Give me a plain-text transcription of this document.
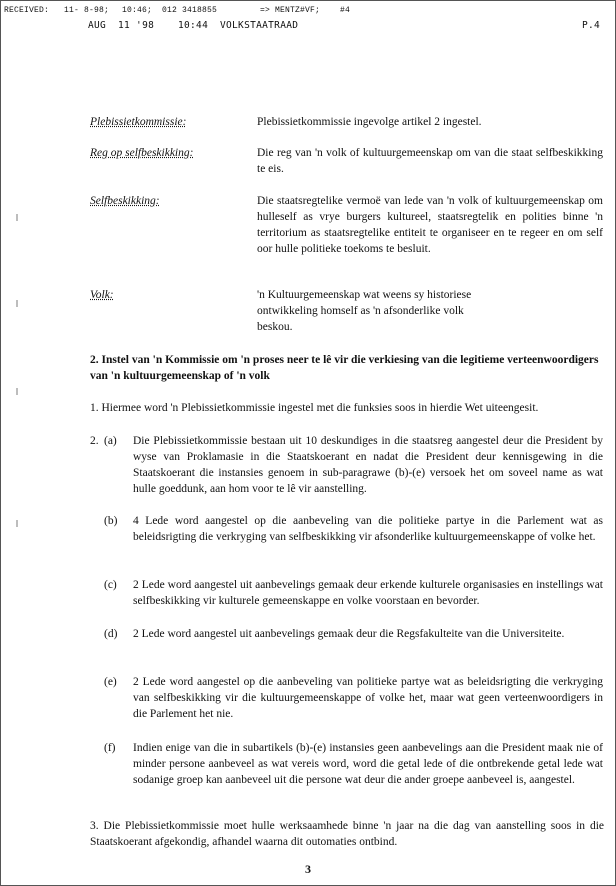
RECEIVED: 11- 8-98; 10:46; 012 3418855	=> MENTZ#VF; #4
AUG 11 '98	10:44 VOLKSTAATRAAD	P.4
Plebissietkommissie:	Plebissietkommissie ingevolge artikel 2 ingestel.
Reg op selfbeskikking:	Die reg van 'n volk of kultuurgemeenskap om van die staat selfbeskikking te eis.
Selfbeskikking:	Die staatsregtelike vermoë van lede van 'n volk of kultuurgemeenskap om hulleself as vrye burgers kultureel, staatsregtelik en polities binne 'n territorium as staatsregtelike entiteit te organiseer en te regeer en om self oor hulle politieke toekoms te besluit.
Volk:	'n Kultuurgemeenskap wat weens sy historiese ontwikkeling homself as 'n afsonderlike volk beskou.
2. Instel van 'n Kommissie om 'n proses neer te lê vir die verkiesing van die legitieme verteenwoordigers van 'n kultuurgemeenskap of 'n volk
1. Hiermee word 'n Plebissietkommissie ingestel met die funksies soos in hierdie Wet uiteengesit.
2. (a) Die Plebissietkommissie bestaan uit 10 deskundiges in die staatsreg aangestel deur die President by wyse van Proklamasie in die Staatskoerant en nadat die President deur kennisgewing in die Staatskoerant die instansies genoem in sub-paragrawe (b)-(e) versoek het om soveel name as wat hulle goeddunk, aan hom voor te lê vir aanstelling.
(b) 4 Lede word aangestel op die aanbeveling van die politieke partye in die Parlement wat as beleidsrigting die verkryging van selfbeskikking vir afsonderlike kultuurgemeenskappe of volke het.
(c) 2 Lede word aangestel uit aanbevelings gemaak deur erkende kulturele organisasies en instellings wat selfbeskikking vir kulturele gemeenskappe en volke voorstaan en bevorder.
(d) 2 Lede word aangestel uit aanbevelings gemaak deur die Regsfakulteite van die Universiteite.
(e) 2 Lede word aangestel op die aanbeveling van politieke partye wat as beleidsrigting die verkryging van selfbeskikking vir die kultuurgemeenskappe of volke het, maar wat geen verteenwoordigers in die Parlement het nie.
(f) Indien enige van die in subartikels (b)-(e) instansies geen aanbevelings aan die President maak nie of minder persone aanbeveel as wat vereis word, word die getal lede of die ontbrekende getal lede wat sodanige groep kan aanbeveel uit die persone wat deur die ander groepe aanbeveel is, aangestel.
3. Die Plebissietkommissie moet hulle werksaamhede binne 'n jaar na die dag van aanstelling soos in die Staatskoerant afgekondig, afhandel waarna dit outomaties ontbind.
3
